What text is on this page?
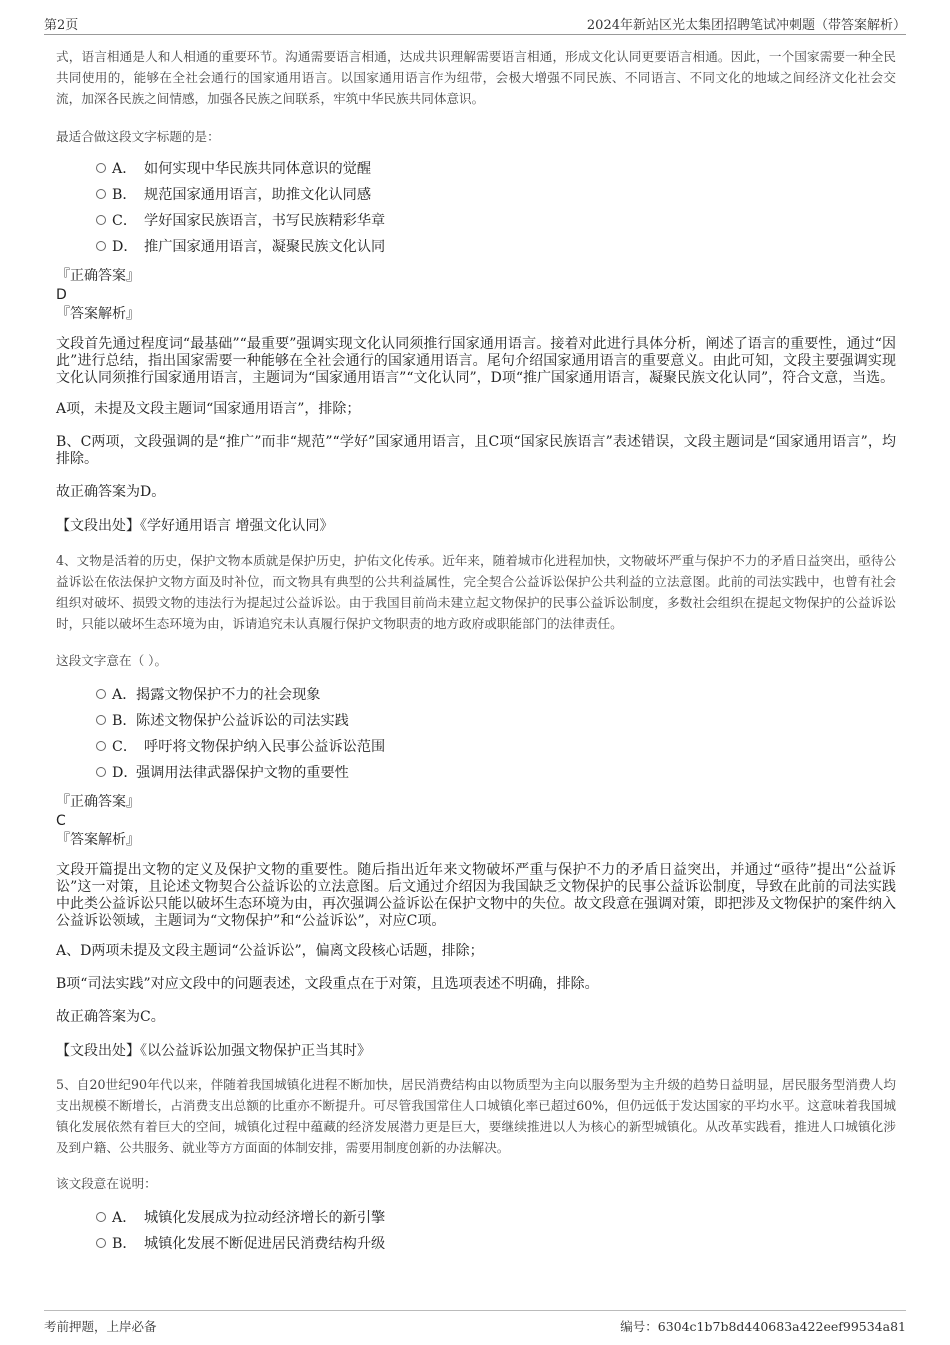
第2页	2024年新站区光太集团招聘笔试冲刺题（带答案解析）

式，语言相通是人和人相通的重要环节。沟通需要语言相通，达成共识理解需要语言相通，形成文化认同更要语言相通。因此，一个国家需要一种全民共同使用的，能够在全社会通行的国家通用语言。以国家通用语言作为纽带，会极大增强不同民族、不同语言、不同文化的地域之间经济文化社会交流，加深各民族之间情感，加强各民族之间联系，牢筑中华民族共同体意识。

最适合做这段文字标题的是：
A． 如何实现中华民族共同体意识的觉醒
B． 规范国家通用语言，助推文化认同感
C． 学好国家民族语言，书写民族精彩华章
D． 推广国家通用语言，凝聚民族文化认同
『正确答案』
D
『答案解析』

文段首先通过程度词“最基础”“最重要”强调实现文化认同须推行国家通用语言。接着对此进行具体分析，阐述了语言的重要性，通过“因此”进行总结，指出国家需要一种能够在全社会通行的国家通用语言。尾句介绍国家通用语言的重要意义。由此可知，文段主要强调实现文化认同须推行国家通用语言，主题词为“国家通用语言”“文化认同”，D项“推广国家通用语言，凝聚民族文化认同”，符合文意，当选。

A项，未提及文段主题词“国家通用语言”，排除；

B、C两项，文段强调的是“推广”而非“规范”“学好”国家通用语言，且C项“国家民族语言”表述错误，文段主题词是“国家通用语言”，均排除。

故正确答案为D。

【文段出处】《学好通用语言 增强文化认同》

4、文物是活着的历史，保护文物本质就是保护历史，护佑文化传承。近年来，随着城市化进程加快，文物破坏严重与保护不力的矛盾日益突出，亟待公益诉讼在依法保护文物方面及时补位，而文物具有典型的公共利益属性，完全契合公益诉讼保护公共利益的立法意图。此前的司法实践中，也曾有社会组织对破坏、损毁文物的违法行为提起过公益诉讼。由于我国目前尚未建立起文物保护的民事公益诉讼制度，多数社会组织在提起文物保护的公益诉讼时，只能以破坏生态环境为由，诉请追究未认真履行保护文物职责的地方政府或职能部门的法律责任。

这段文字意在（ ）。
A．揭露文物保护不力的社会现象
B．陈述文物保护公益诉讼的司法实践
C． 呼吁将文物保护纳入民事公益诉讼范围
D．强调用法律武器保护文物的重要性
『正确答案』
C
『答案解析』

文段开篇提出文物的定义及保护文物的重要性。随后指出近年来文物破坏严重与保护不力的矛盾日益突出，并通过“亟待”提出“公益诉讼”这一对策，且论述文物契合公益诉讼的立法意图。后文通过介绍因为我国缺乏文物保护的民事公益诉讼制度，导致在此前的司法实践中此类公益诉讼只能以破坏生态环境为由，再次强调公益诉讼在保护文物中的失位。故文段意在强调对策，即把涉及文物保护的案件纳入公益诉讼领域，主题词为“文物保护”和“公益诉讼”，对应C项。

A、D两项未提及文段主题词“公益诉讼”，偏离文段核心话题，排除；

B项“司法实践”对应文段中的问题表述，文段重点在于对策，且选项表述不明确，排除。

故正确答案为C。

【文段出处】《以公益诉讼加强文物保护正当其时》

5、自20世纪90年代以来，伴随着我国城镇化进程不断加快，居民消费结构由以物质型为主向以服务型为主升级的趋势日益明显，居民服务型消费人均支出规模不断增长，占消费支出总额的比重亦不断提升。可尽管我国常住人口城镇化率已超过60%，但仍远低于发达国家的平均水平。这意味着我国城镇化发展依然有着巨大的空间，城镇化过程中蕴藏的经济发展潜力更是巨大，要继续推进以人为核心的新型城镇化。从改革实践看，推进人口城镇化涉及到户籍、公共服务、就业等方方面面的体制安排，需要用制度创新的办法解决。

该文段意在说明：
A． 城镇化发展成为拉动经济增长的新引擎
B． 城镇化发展不断促进居民消费结构升级
考前押题，上岸必备	编号：6304c1b7b8d440683a422eef99534a81
